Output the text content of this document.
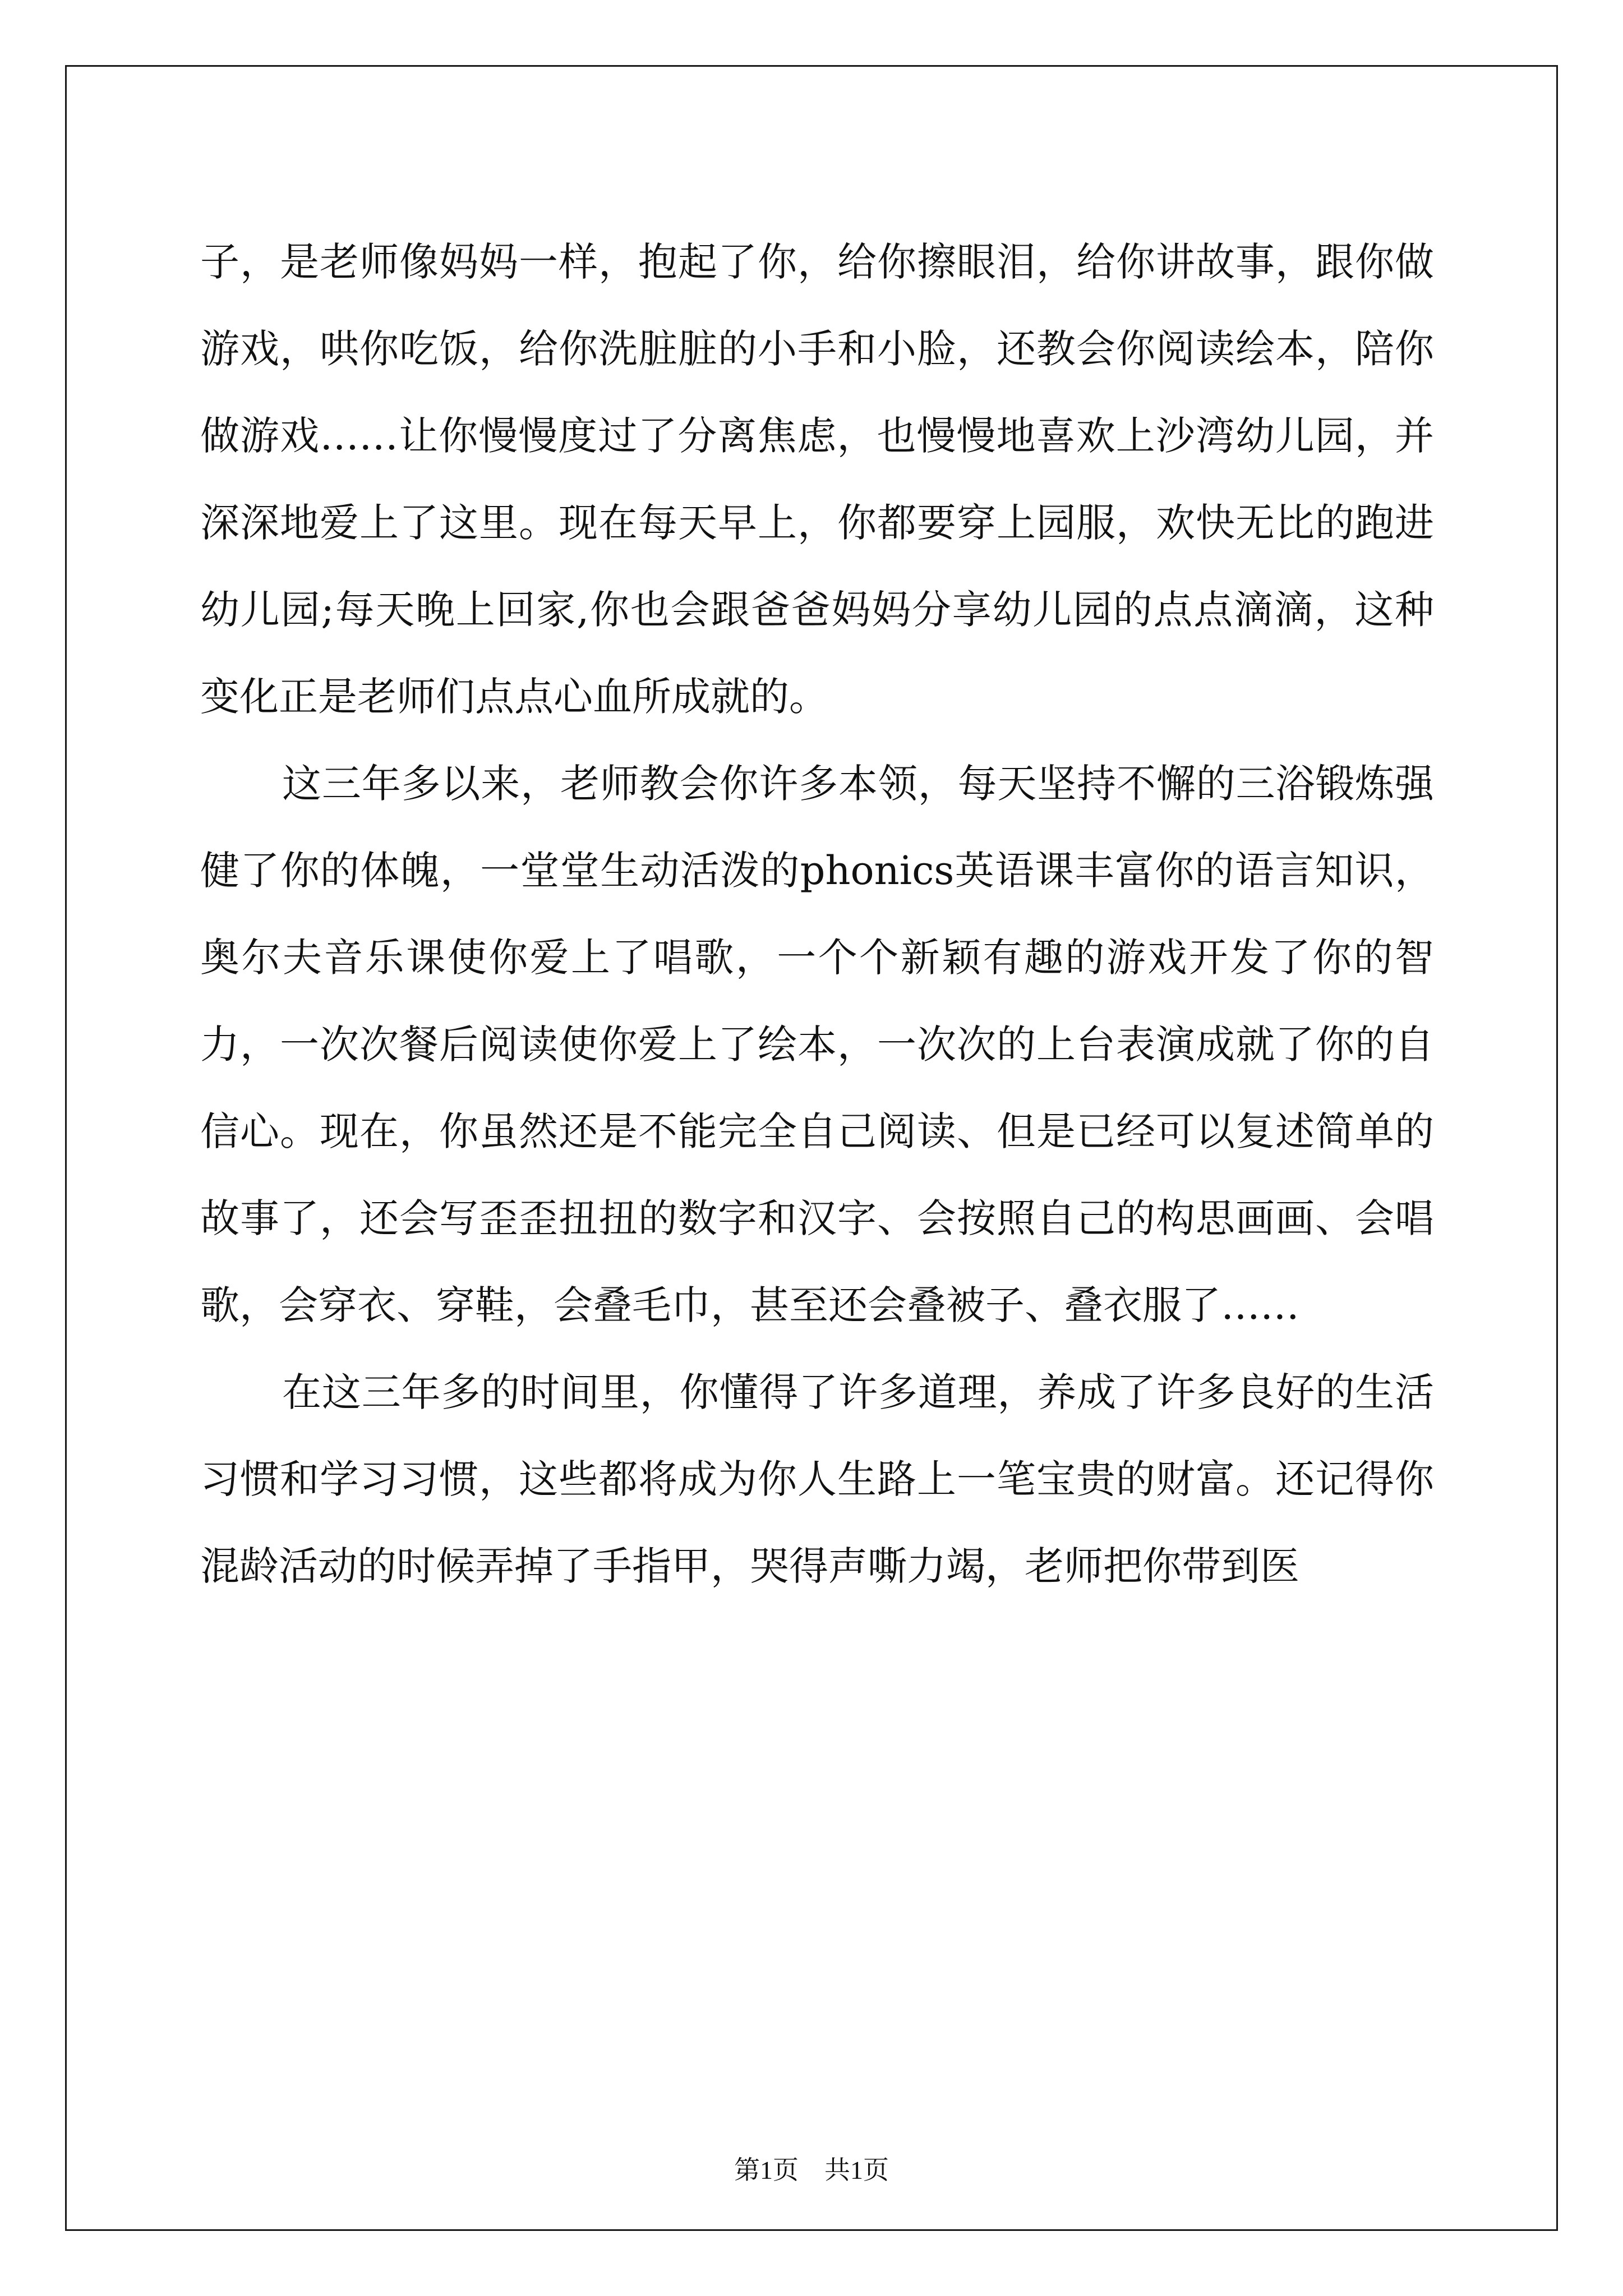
子，是老师像妈妈一样，抱起了你，给你擦眼泪，给你讲故事，跟你做游戏，哄你吃饭，给你洗脏脏的小手和小脸，还教会你阅读绘本，陪你做游戏……让你慢慢度过了分离焦虑，也慢慢地喜欢上沙湾幼儿园，并深深地爱上了这里。现在每天早上，你都要穿上园服，欢快无比的跑进幼儿园;每天晚上回家,你也会跟爸爸妈妈分享幼儿园的点点滴滴，这种变化正是老师们点点心血所成就的。

这三年多以来，老师教会你许多本领，每天坚持不懈的三浴锻炼强健了你的体魄，一堂堂生动活泼的phonics英语课丰富你的语言知识，奥尔夫音乐课使你爱上了唱歌，一个个新颖有趣的游戏开发了你的智力，一次次餐后阅读使你爱上了绘本，一次次的上台表演成就了你的自信心。现在，你虽然还是不能完全自己阅读、但是已经可以复述简单的故事了，还会写歪歪扭扭的数字和汉字、会按照自己的构思画画、会唱歌，会穿衣、穿鞋，会叠毛巾，甚至还会叠被子、叠衣服了……

在这三年多的时间里，你懂得了许多道理，养成了许多良好的生活习惯和学习习惯，这些都将成为你人生路上一笔宝贵的财富。还记得你混龄活动的时候弄掉了手指甲，哭得声嘶力竭，老师把你带到医

第1页　共1页
